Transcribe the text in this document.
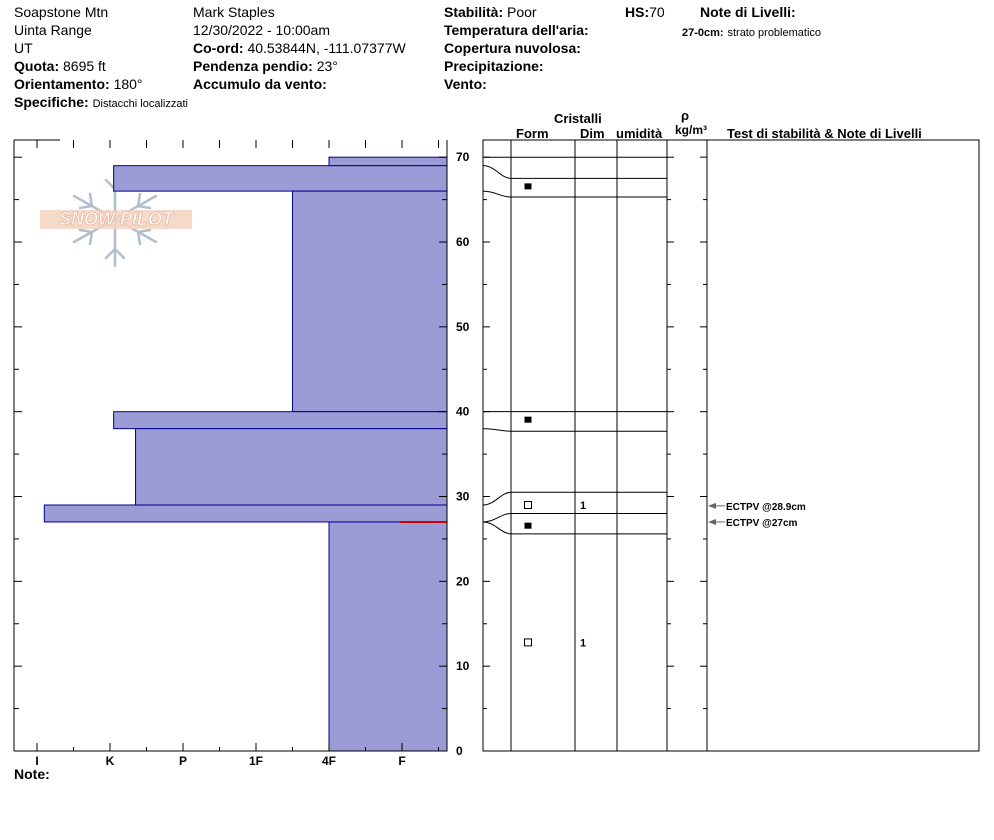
Soapstone Mtn
Uinta Range
UT
Quota: 8695 ft
Orientamento: 180°
Specifiche: Distacchi localizzati
Mark Staples
12/30/2022 - 10:00am
Co-ord: 40.53844N, -111.07377W
Pendenza pendio: 23°
Accumulo da vento:
Stabilità: Poor
Temperatura dell'aria:
Copertura nuvolosa:
Precipitazione:
Vento:
HS:70	Note di Livelli:
27-0cm: strato problematico
Cristalli
Form Dim umidità
ρ
kg/m³ Test di stabilità & Note di Livelli
Note:
SNOW PILOT
I	K	P	1F	4F	F
0
10
20
30
40
50
60
70
1
1
ECTPV @28.9cm
ECTPV @27cm
